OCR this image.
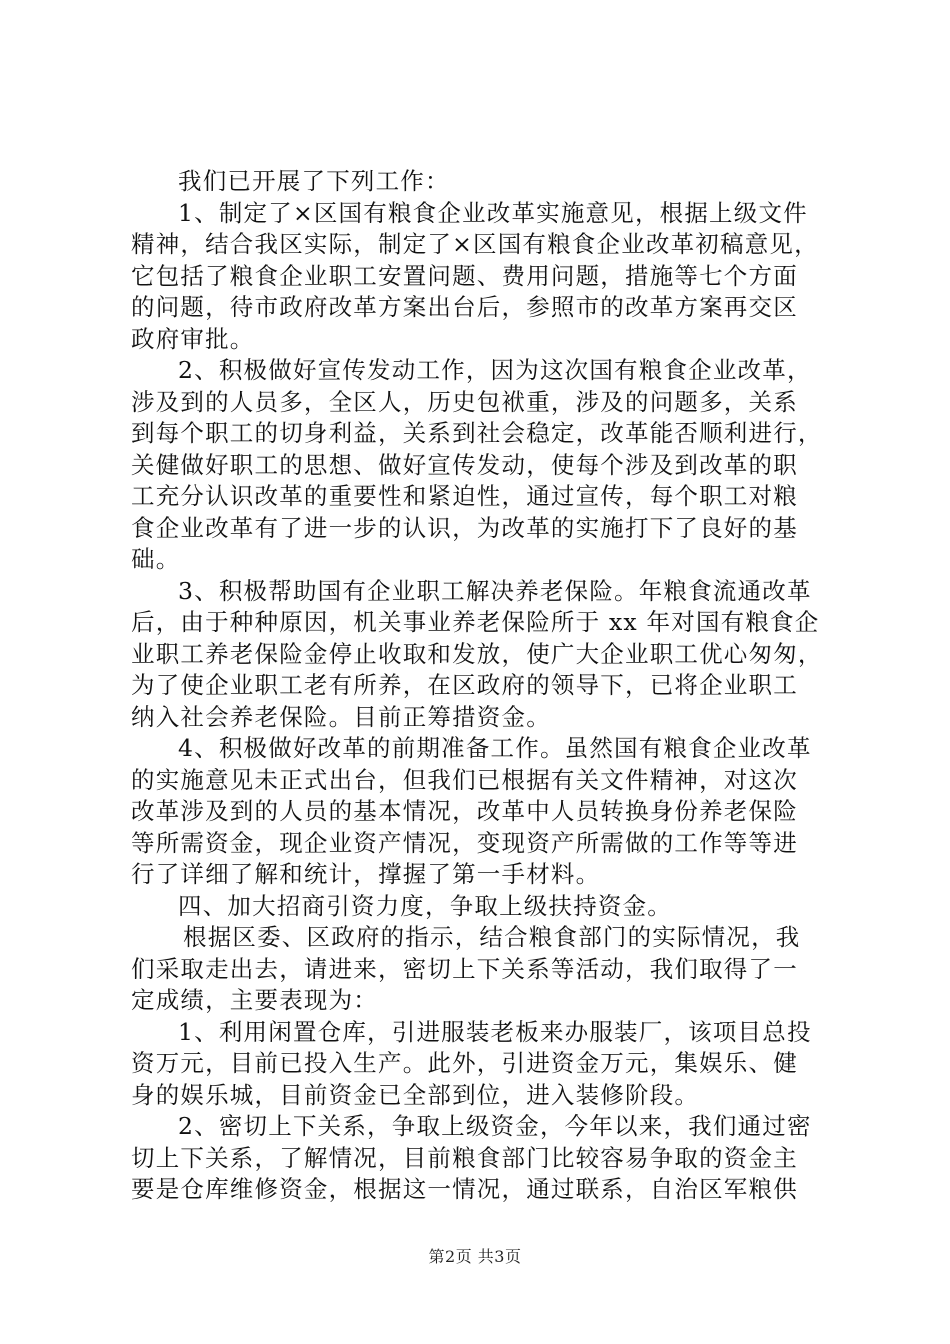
我们已开展了下列工作：
1、制定了×区国有粮食企业改革实施意见，根据上级文件
精神，结合我区实际，制定了×区国有粮食企业改革初稿意见，
它包括了粮食企业职工安置问题、费用问题，措施等七个方面
的问题，待市政府改革方案出台后，参照市的改革方案再交区
政府审批。
2、积极做好宣传发动工作，因为这次国有粮食企业改革，
涉及到的人员多，全区人，历史包袱重，涉及的问题多，关系
到每个职工的切身利益，关系到社会稳定，改革能否顺利进行，
关健做好职工的思想、做好宣传发动，使每个涉及到改革的职
工充分认识改革的重要性和紧迫性，通过宣传，每个职工对粮
食企业改革有了进一步的认识，为改革的实施打下了良好的基
础。
3、积极帮助国有企业职工解决养老保险。年粮食流通改革
后，由于种种原因，机关事业养老保险所于 xx 年对国有粮食企
业职工养老保险金停止收取和发放，使广大企业职工优心匆匆，
为了使企业职工老有所养，在区政府的领导下，已将企业职工
纳入社会养老保险。目前正筹措资金。
4、积极做好改革的前期准备工作。虽然国有粮食企业改革
的实施意见未正式出台，但我们已根据有关文件精神，对这次
改革涉及到的人员的基本情况，改革中人员转换身份养老保险
等所需资金，现企业资产情况，变现资产所需做的工作等等进
行了详细了解和统计，撑握了第一手材料。
四、加大招商引资力度，争取上级扶持资金。
根据区委、区政府的指示，结合粮食部门的实际情况，我
们采取走出去，请进来，密切上下关系等活动，我们取得了一
定成绩，主要表现为：
1、利用闲置仓库，引进服装老板来办服装厂，该项目总投
资万元，目前已投入生产。此外，引进资金万元，集娱乐、健
身的娱乐城，目前资金已全部到位，进入装修阶段。
2、密切上下关系，争取上级资金，今年以来，我们通过密
切上下关系，了解情况，目前粮食部门比较容易争取的资金主
要是仓库维修资金，根据这一情况，通过联系，自治区军粮供
第2页 共3页
